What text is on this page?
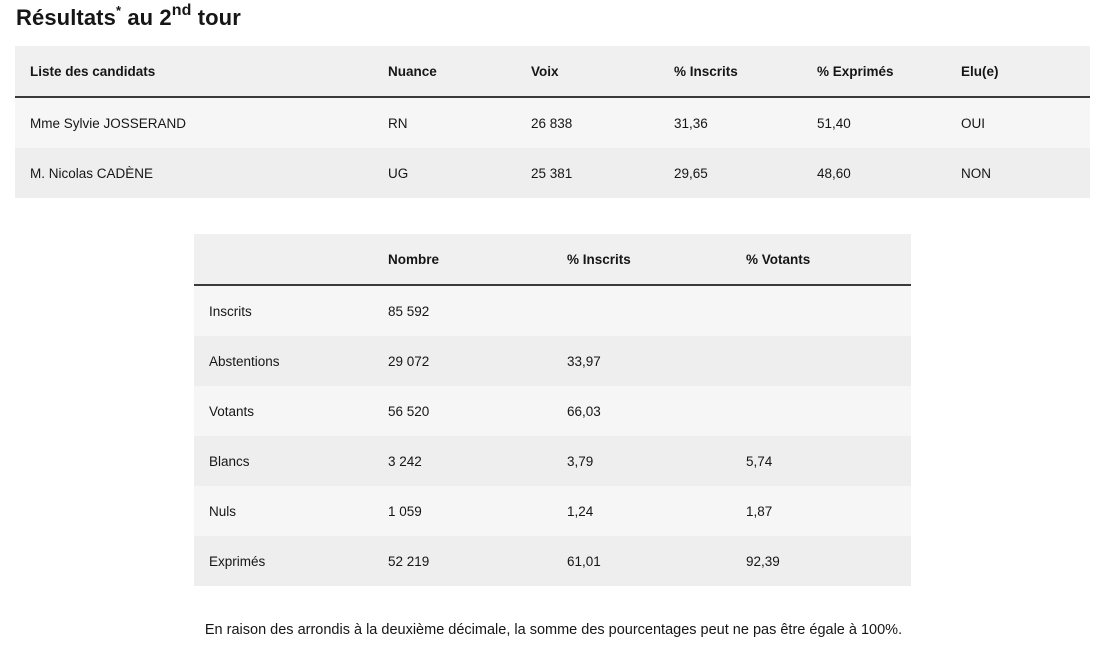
Résultats* au 2nd tour
Liste des candidats	Nuance	Voix	% Inscrits	% Exprimés	Elu(e)
Mme Sylvie JOSSERAND	RN	26 838	31,36	51,40	OUI
M. Nicolas CADÈNE	UG	25 381	29,65	48,60	NON
	Nombre	% Inscrits	% Votants
Inscrits	85 592		
Abstentions	29 072	33,97	
Votants	56 520	66,03	
Blancs	3 242	3,79	5,74
Nuls	1 059	1,24	1,87
Exprimés	52 219	61,01	92,39

En raison des arrondis à la deuxième décimale, la somme des pourcentages peut ne pas être égale à 100%.
